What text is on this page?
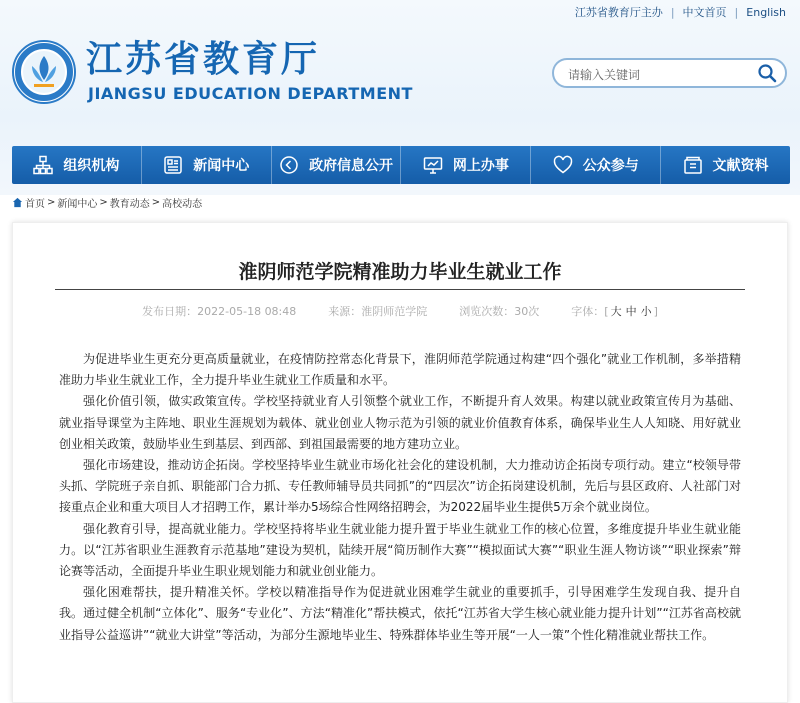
江苏省教育厅主办 | 中文首页 | English
江苏省教育厅
JIANGSU EDUCATION DEPARTMENT
请输入关键词
组织机构	新闻中心	政府信息公开	网上办事	公众参与	文献资料
首页 > 新闻中心 > 教育动态 > 高校动态
淮阴师范学院精准助力毕业生就业工作
发布日期：2022-05-18 08:48	来源：淮阴师范学院	浏览次数：30次	字体：[ 大 中 小 ]

为促进毕业生更充分更高质量就业，在疫情防控常态化背景下，淮阴师范学院通过构建“四个强化”就业工作机制，多举措精准助力毕业生就业工作，全力提升毕业生就业工作质量和水平。

强化价值引领，做实政策宣传。学校坚持就业育人引领整个就业工作，不断提升育人效果。构建以就业政策宣传月为基础、就业指导课堂为主阵地、职业生涯规划为载体、就业创业人物示范为引领的就业价值教育体系，确保毕业生人人知晓、用好就业创业相关政策，鼓励毕业生到基层、到西部、到祖国最需要的地方建功立业。

强化市场建设，推动访企拓岗。学校坚持毕业生就业市场化社会化的建设机制，大力推动访企拓岗专项行动。建立“校领导带头抓、学院班子亲自抓、职能部门合力抓、专任教师辅导员共同抓”的“四层次”访企拓岗建设机制，先后与县区政府、人社部门对接重点企业和重大项目人才招聘工作，累计举办5场综合性网络招聘会，为2022届毕业生提供5万余个就业岗位。

强化教育引导，提高就业能力。学校坚持将毕业生就业能力提升置于毕业生就业工作的核心位置，多维度提升毕业生就业能力。以“江苏省职业生涯教育示范基地”建设为契机，陆续开展“简历制作大赛”“模拟面试大赛”“职业生涯人物访谈”“职业探索”辩论赛等活动，全面提升毕业生职业规划能力和就业创业能力。

强化困难帮扶，提升精准关怀。学校以精准指导作为促进就业困难学生就业的重要抓手，引导困难学生发现自我、提升自我。通过健全机制“立体化”、服务“专业化”、方法“精准化”帮扶模式，依托“江苏省大学生核心就业能力提升计划”“江苏省高校就业指导公益巡讲”“就业大讲堂”等活动，为部分生源地毕业生、特殊群体毕业生等开展“一人一策”个性化精准就业帮扶工作。
